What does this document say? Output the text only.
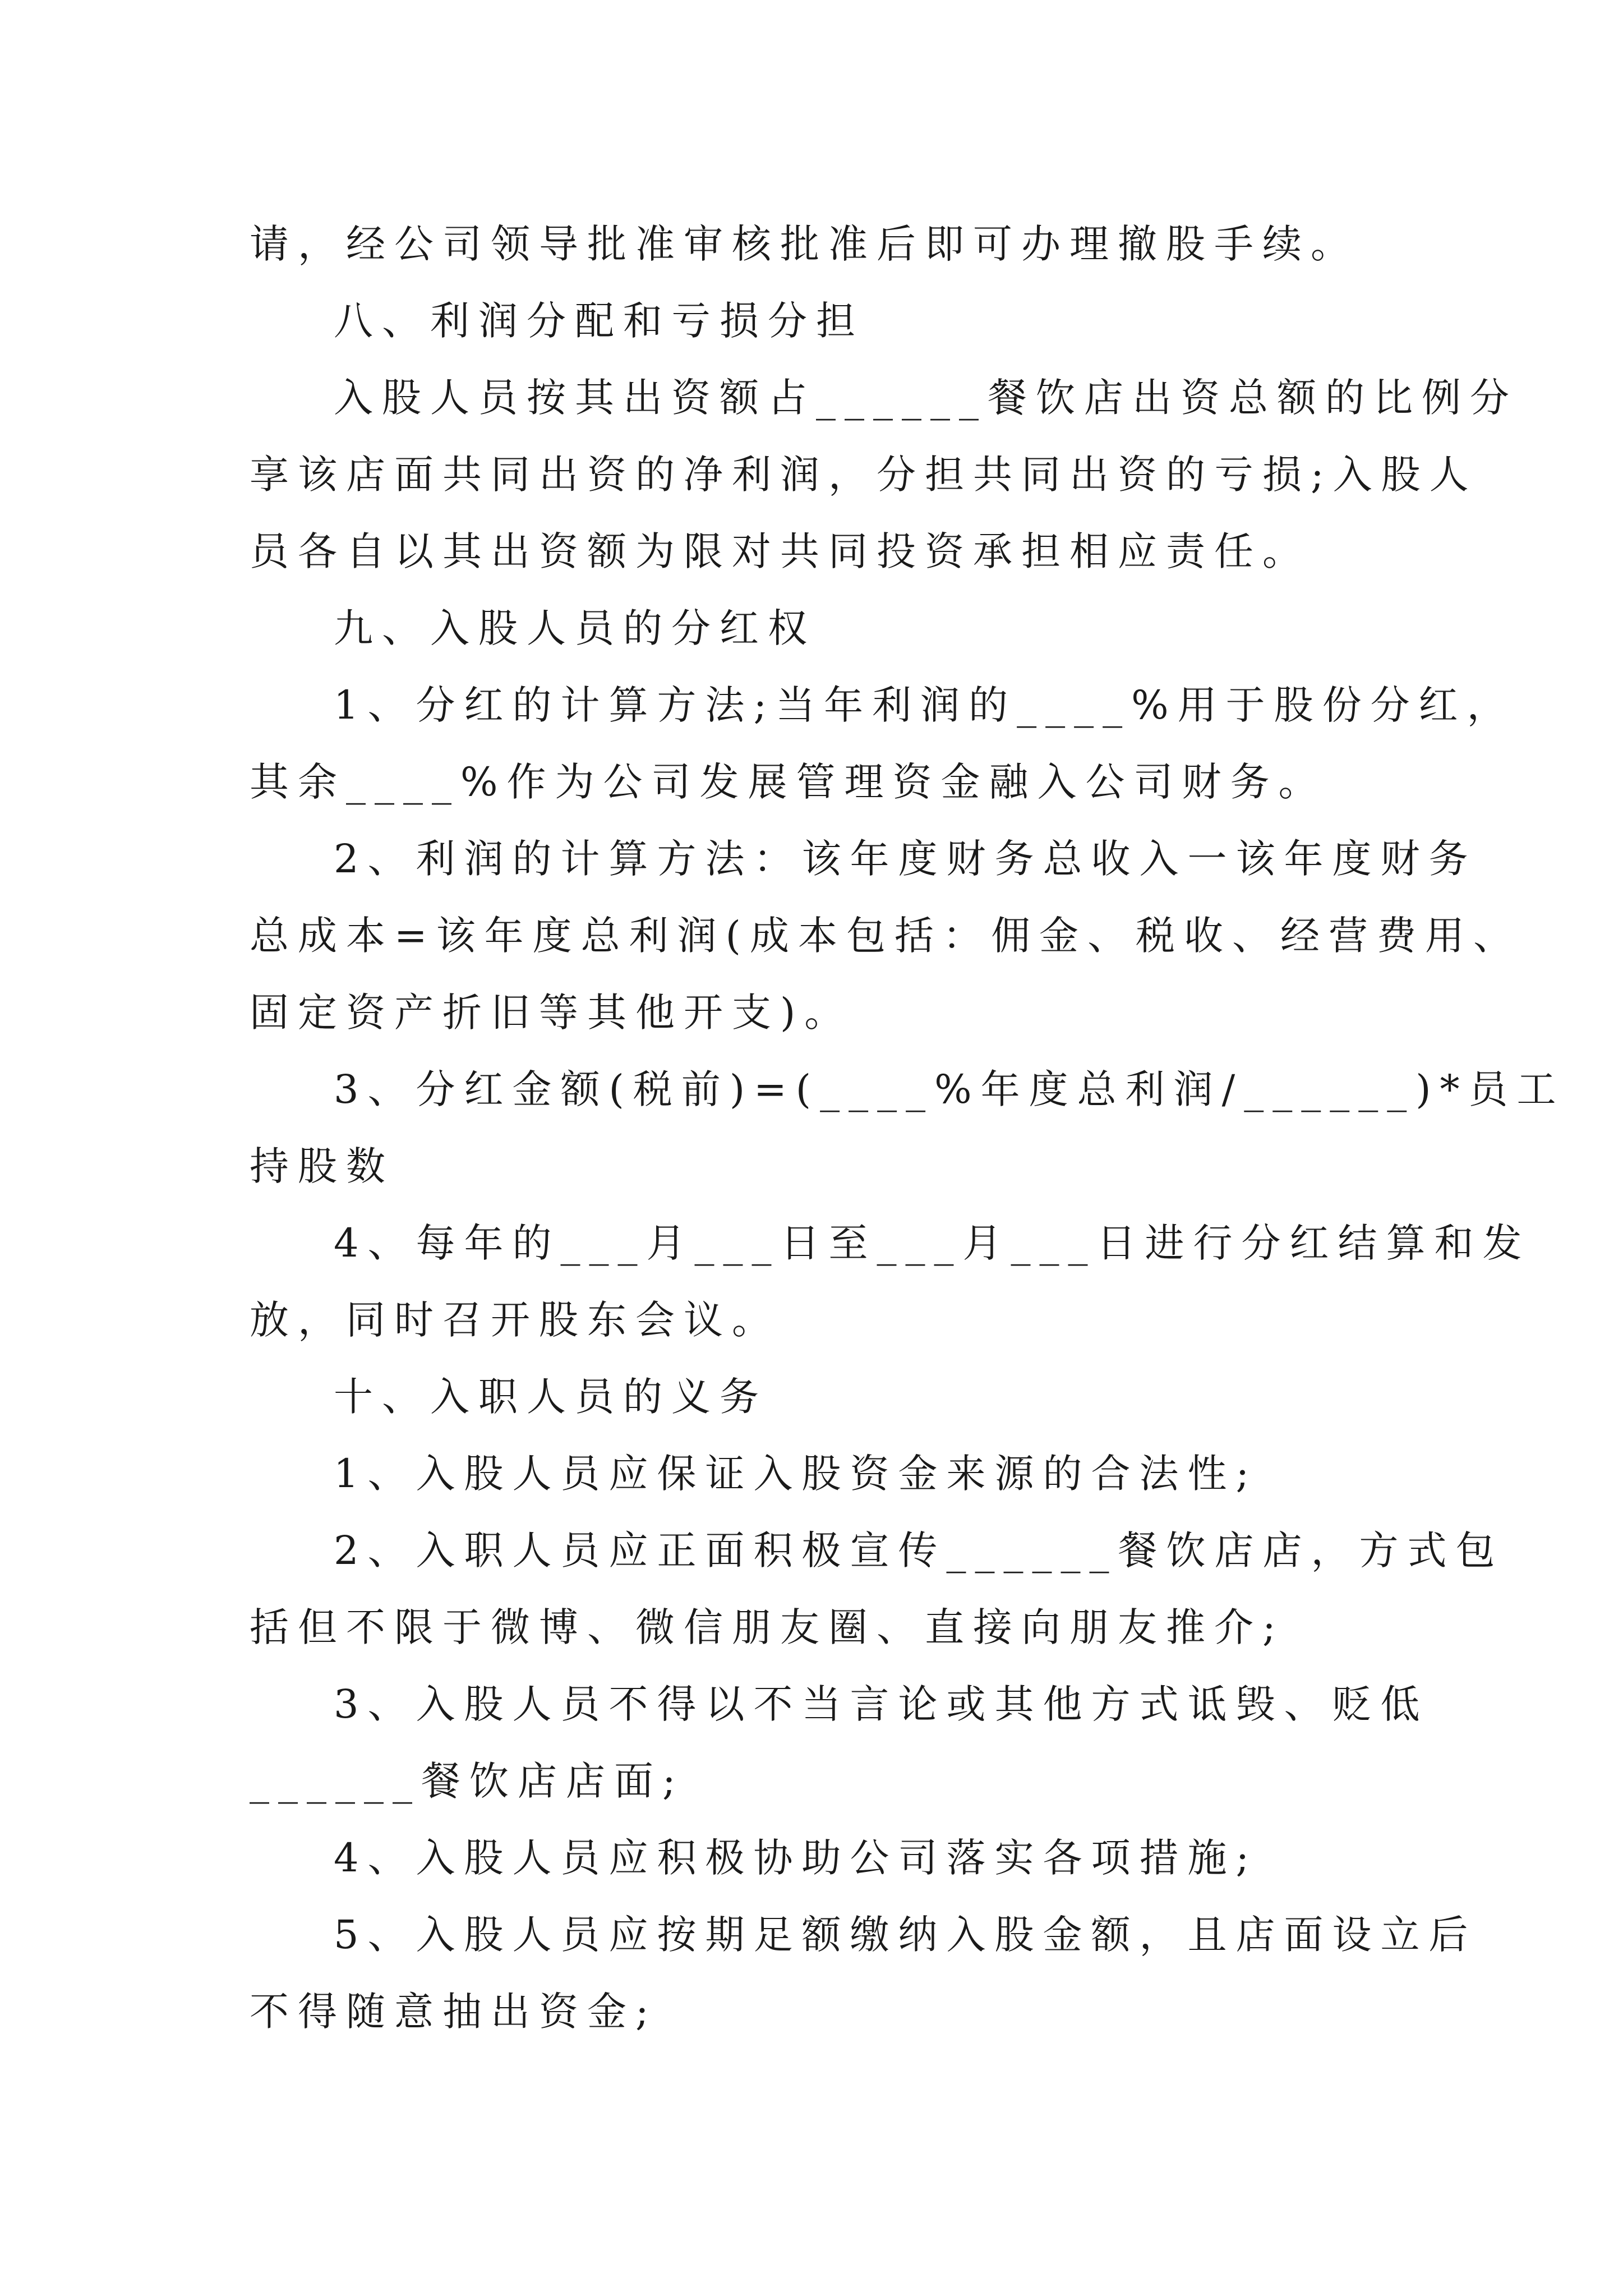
请，经公司领导批准审核批准后即可办理撤股手续。
八、利润分配和亏损分担
入股人员按其出资额占______餐饮店出资总额的比例分
享该店面共同出资的净利润，分担共同出资的亏损;入股人
员各自以其出资额为限对共同投资承担相应责任。
九、入股人员的分红权
1、分红的计算方法;当年利润的____%用于股份分红，
其余____%作为公司发展管理资金融入公司财务。
2、利润的计算方法：该年度财务总收入一该年度财务
总成本=该年度总利润(成本包括：佣金、税收、经营费用、
固定资产折旧等其他开支)。
3、分红金额(税前)=(____%年度总利润/______)*员工
持股数
4、每年的___月___日至___月___日进行分红结算和发
放，同时召开股东会议。
十、入职人员的义务
1、入股人员应保证入股资金来源的合法性;
2、入职人员应正面积极宣传______餐饮店店，方式包
括但不限于微博、微信朋友圈、直接向朋友推介;
3、入股人员不得以不当言论或其他方式诋毁、贬低
______餐饮店店面;
4、入股人员应积极协助公司落实各项措施;
5、入股人员应按期足额缴纳入股金额，且店面设立后
不得随意抽出资金;
